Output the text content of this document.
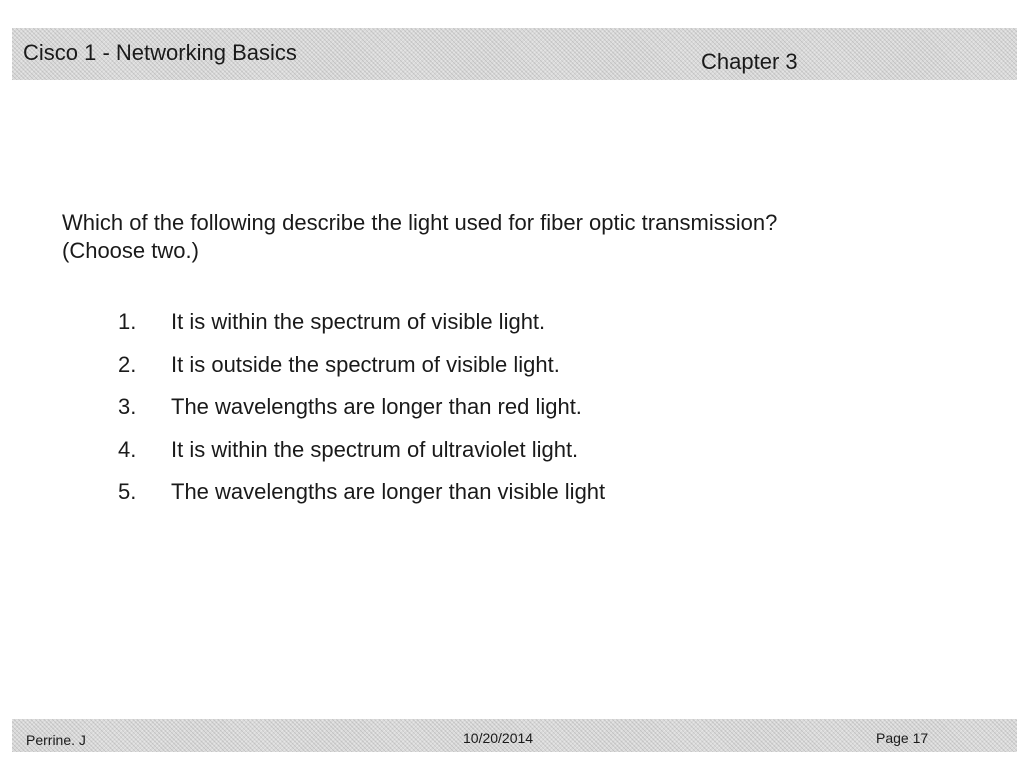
Cisco 1 - Networking Basics	Chapter 3
Which of the following describe the light used for fiber optic transmission?
(Choose two.)
1.	It is within the spectrum of visible light.
2.	It is outside the spectrum of visible light.
3.	The wavelengths are longer than red light.
4.	It is within the spectrum of ultraviolet light.
5.	The wavelengths are longer than visible light
Perrine. J	10/20/2014	Page 17
